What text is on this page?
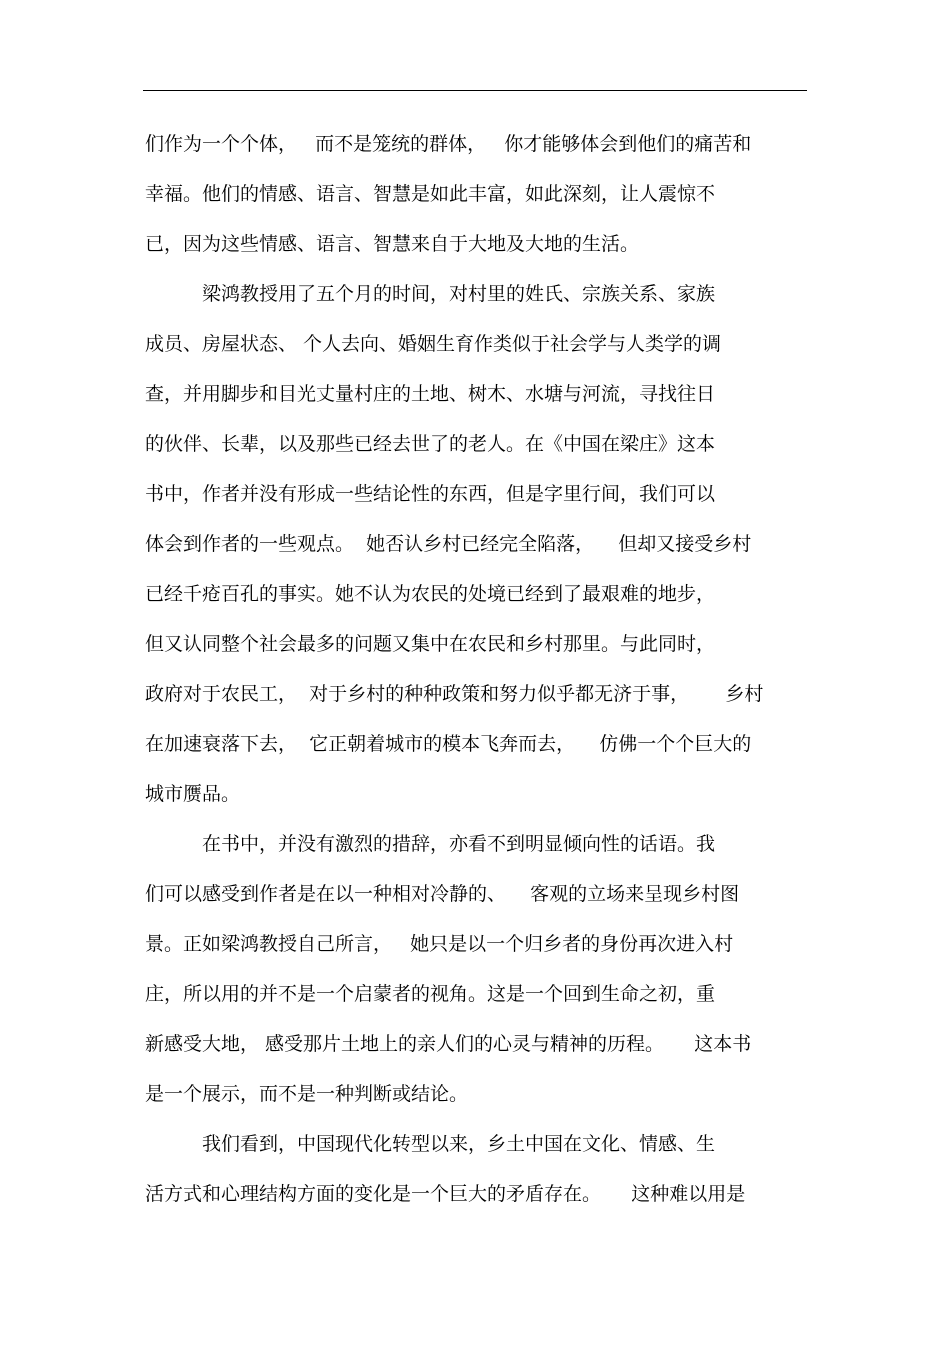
们作为一个个体，   而不是笼统的群体，   你才能够体会到他们的痛苦和
幸福。他们的情感、语言、智慧是如此丰富，如此深刻，让人震惊不
已，因为这些情感、语言、智慧来自于大地及大地的生活。
梁鸿教授用了五个月的时间，对村里的姓氏、宗族关系、家族
成员、房屋状态、 个人去向、婚姻生育作类似于社会学与人类学的调
查，并用脚步和目光丈量村庄的土地、树木、水塘与河流，寻找往日
的伙伴、长辈，以及那些已经去世了的老人。在《中国在梁庄》这本
书中，作者并没有形成一些结论性的东西，但是字里行间，我们可以
体会到作者的一些观点。  她否认乡村已经完全陷落，    但却又接受乡村
已经千疮百孔的事实。她不认为农民的处境已经到了最艰难的地步，
但又认同整个社会最多的问题又集中在农民和乡村那里。与此同时，
政府对于农民工，  对于乡村的种种政策和努力似乎都无济于事，      乡村
在加速衰落下去，  它正朝着城市的模本飞奔而去，    仿佛一个个巨大的
城市赝品。
在书中，并没有激烈的措辞，亦看不到明显倾向性的话语。我
们可以感受到作者是在以一种相对冷静的、    客观的立场来呈现乡村图
景。正如梁鸿教授自己所言，   她只是以一个归乡者的身份再次进入村
庄，所以用的并不是一个启蒙者的视角。这是一个回到生命之初，重
新感受大地， 感受那片土地上的亲人们的心灵与精神的历程。     这本书
是一个展示，而不是一种判断或结论。
我们看到，中国现代化转型以来，乡土中国在文化、情感、生
活方式和心理结构方面的变化是一个巨大的矛盾存在。     这种难以用是
